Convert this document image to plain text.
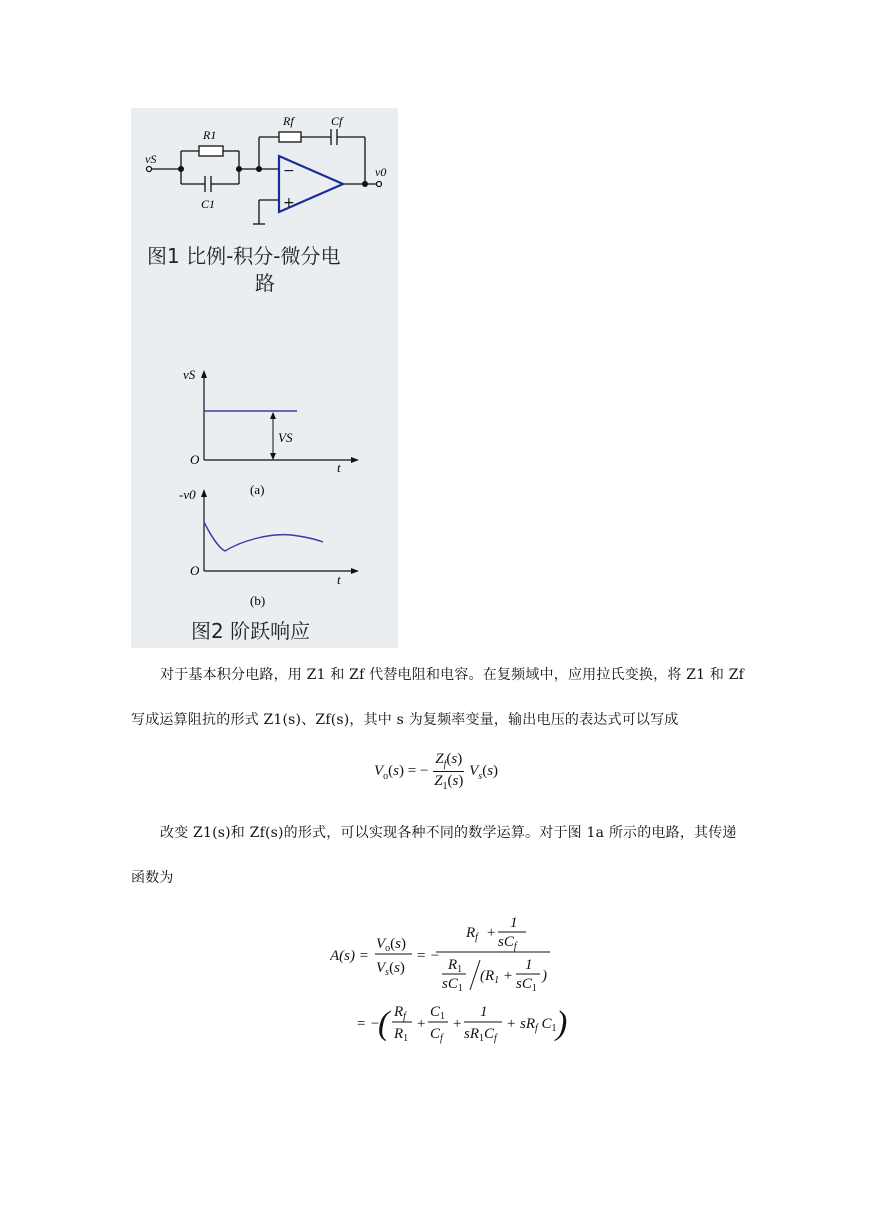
−
+
vS
R1
C1
Rf	Cf
v0
图1 比例-积分-微分电
路
vS
VS
O
t
(a)
-v0
O
t
(b)
图2 阶跃响应
对于基本积分电路，用 Z1 和 Zf 代替电阻和电容。在复频域中，应用拉氏变换，将 Z1 和 Zf
写成运算阻抗的形式 Z1(s)、Zf(s)，其中 s 为复频率变量，输出电压的表达式可以写成
$V_o(s)$ = − $\frac{Z_f(s)}{Z_1(s)} V_s(s)$
改变 Z1(s)和 Zf(s)的形式，可以实现各种不同的数学运算。对于图 1a 所示的电路，其传递
函数为
A(s) =
$V_o(s)$
$V_s(s)$
= −
$R_f$ +
1
$sC_f$
$R_1$
$sC_1$
($R_1$ +
1
$sC_1$
)
= −
( $R_f$
$R_1$
+
$C_1$
$C_f$
+
1
$sR_1C_f$
+ $sR_f$ $C_1$ )
